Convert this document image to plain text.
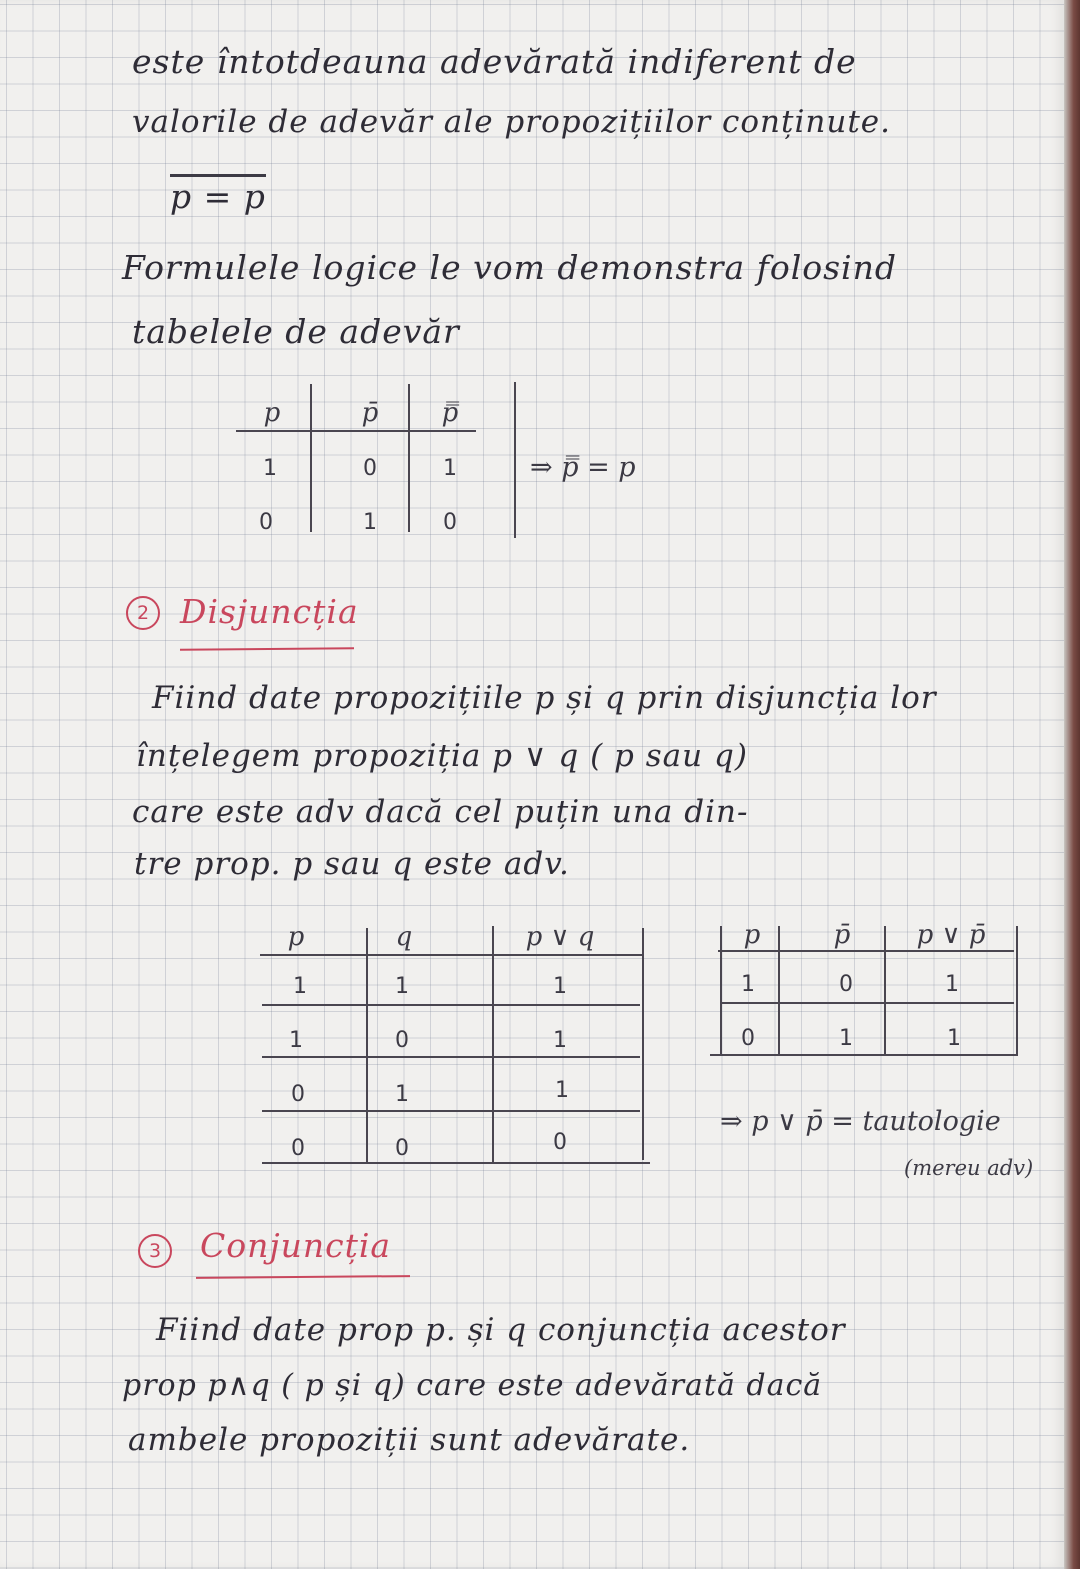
este întotdeauna adevărată indiferent de
valorile de adevăr ale propozițiilor conținute.
p = p
Formulele logice le vom demonstra folosind
tabelele de adevăr
p	p̄	p̿
1	0	1
0	1	0
⇒ p̿ = p
2 Disjuncția
Fiind date propozițiile p și q prin disjuncția lor
înțelegem propoziția p ∨ q ( p sau q)
care este adv dacă cel puțin una din-
tre prop. p sau q este adv.
p	q	p ∨ q
1	1	1
1	0	1
0	1	1
0	0	0
p	p̄	p ∨ p̄
1	0	1
0	1	1
⇒ p ∨ p̄ = tautologie
(mereu adv)
3	Conjuncția
Fiind date prop p. și q conjuncția acestor
prop p∧q ( p și q) care este adevărată dacă
ambele propoziții sunt adevărate.
